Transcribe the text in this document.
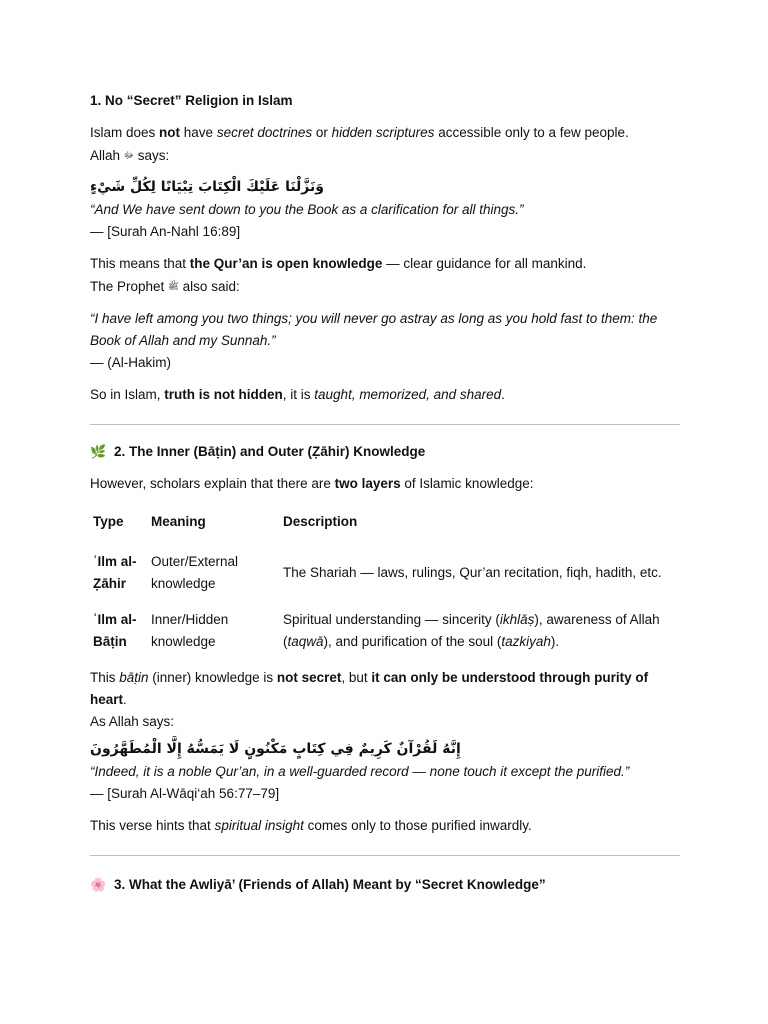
1. No “Secret” Religion in Islam

Islam does not have secret doctrines or hidden scriptures accessible only to a few people.
Allah ﷻ says:

وَنَزَّلْنَا عَلَيْكَ الْكِتَابَ تِبْيَانًا لِكُلِّ شَيْءٍ

“And We have sent down to you the Book as a clarification for all things.”

— [Surah An-Nahl 16:89]

This means that the Qur’an is open knowledge — clear guidance for all mankind.
The Prophet ﷺ also said:

“I have left among you two things; you will never go astray as long as you hold fast to them: the Book of Allah and my Sunnah.”

— (Al-Hakim)

So in Islam, truth is not hidden, it is taught, memorized, and shared.

🌿 2. The Inner (Bāṭin) and Outer (Ẓāhir) Knowledge

However, scholars explain that there are two layers of Islamic knowledge:

Type	Meaning	Description
ʿIlm al-Ẓāhir	Outer/External knowledge	The Shariah — laws, rulings, Qur’an recitation, fiqh, hadith, etc.
ʿIlm al-Bāṭin	Inner/Hidden knowledge	Spiritual understanding — sincerity (ikhlāṣ), awareness of Allah (taqwā), and purification of the soul (tazkiyah).

This bāṭin (inner) knowledge is not secret, but it can only be understood through purity of heart.
As Allah says:

إِنَّهُ لَقُرْآنٌ كَرِيمٌ فِي كِتَابٍ مَكْنُونٍ لَا يَمَسُّهُ إِلَّا الْمُطَهَّرُونَ

“Indeed, it is a noble Qur’an, in a well-guarded record — none touch it except the purified.”

— [Surah Al-Wāqi‘ah 56:77–79]

This verse hints that spiritual insight comes only to those purified inwardly.

🌸 3. What the Awliyā’ (Friends of Allah) Meant by “Secret Knowledge”
